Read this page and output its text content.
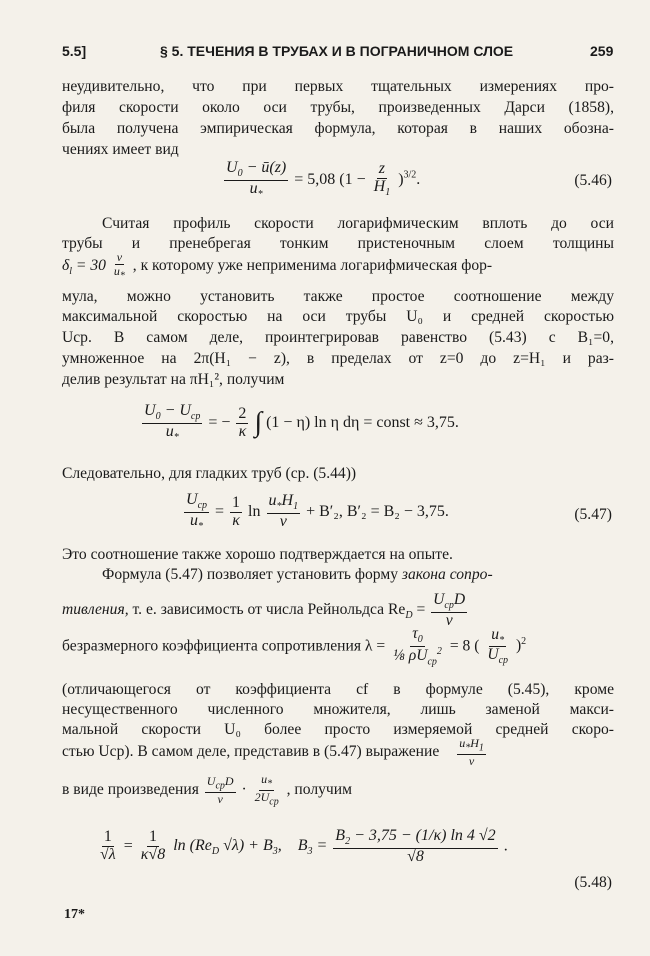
5.5]	§ 5. ТЕЧЕНИЯ В ТРУБАХ И В ПОГРАНИЧНОМ СЛОЕ	259
неудивительно, что при первых тщательных измерениях про-
филя скорости около оси трубы, произведенных Дарси (1858),
была получена эмпирическая формула, которая в наших обозна-
чениях имеет вид
$\frac{U_0 - ū(z)}{u_*} = 5,08$ $(1 - \frac{z}{H_1} )^{3/2}$.	(5.46)
Считая профиль скорости логарифмическим вплоть до оси
трубы и пренебрегая тонким пристеночным слоем толщины
$\delta_l = 30 \frac{\nu}{u_*}$ , к которому уже неприменима логарифмическая фор-
мула, можно установить также простое соотношение между
максимальной скоростью на оси трубы U₀ и средней скоростью
Uср. В самом деле, проинтегрировав равенство (5.43) с B₁=0,
умноженное на 2π(H₁ − z), в пределах от z=0 до z=H₁ и раз-
делив результат на πH₁², получим
$\frac{U_0 - U_{ср}}{u_*}$ = − $\frac{2}{\kappa}$ ∫ (1 − η) ln η dη = const ≈ 3,75.
Следовательно, для гладких труб (ср. (5.44))
$\frac{U_{ср}}{u_*} = \frac{1}{\kappa}$ $\ln \frac{u_*H_1}{\nu} + B'_2$, B′₂ = B₂ − 3,75.	(5.47)
Это соотношение также хорошо подтверждается на опыте.
Формула (5.47) позволяет установить форму закона сопро-
тивления, т. е. зависимость от числа Рейнольдса $Re_D = \frac{U_{ср}D}{\nu}$
безразмерного коэффициента сопротивления $\lambda = \frac{\tau_0}{\frac{1}{8} \rho U_{ср}^2} = 8$ ( $\frac{u_*}{U_{ср}} )^2$
(отличающегося от коэффициента cf в формуле (5.45), кроме
несущественного численного множителя, лишь заменой макси-
мальной скорости U₀ более просто измеряемой средней скоро-
стью Uср). В самом деле, представив в (5.47) выражение $\frac{u_*H_1}{\nu}$
в виде произведения $\frac{U_{ср}D}{\nu} \cdot \frac{u_*}{2U_{ср}}$ , получим
$\frac{1}{√\lambda} = \frac{1}{\kappa√8}$ $\ln (Re_D$ $√\lambda) + B_3$,    $B_3 = \frac{B_2 - 3,75 - (1/\kappa) \ln 4 √2}{√8}$ .
(5.48)
17*
